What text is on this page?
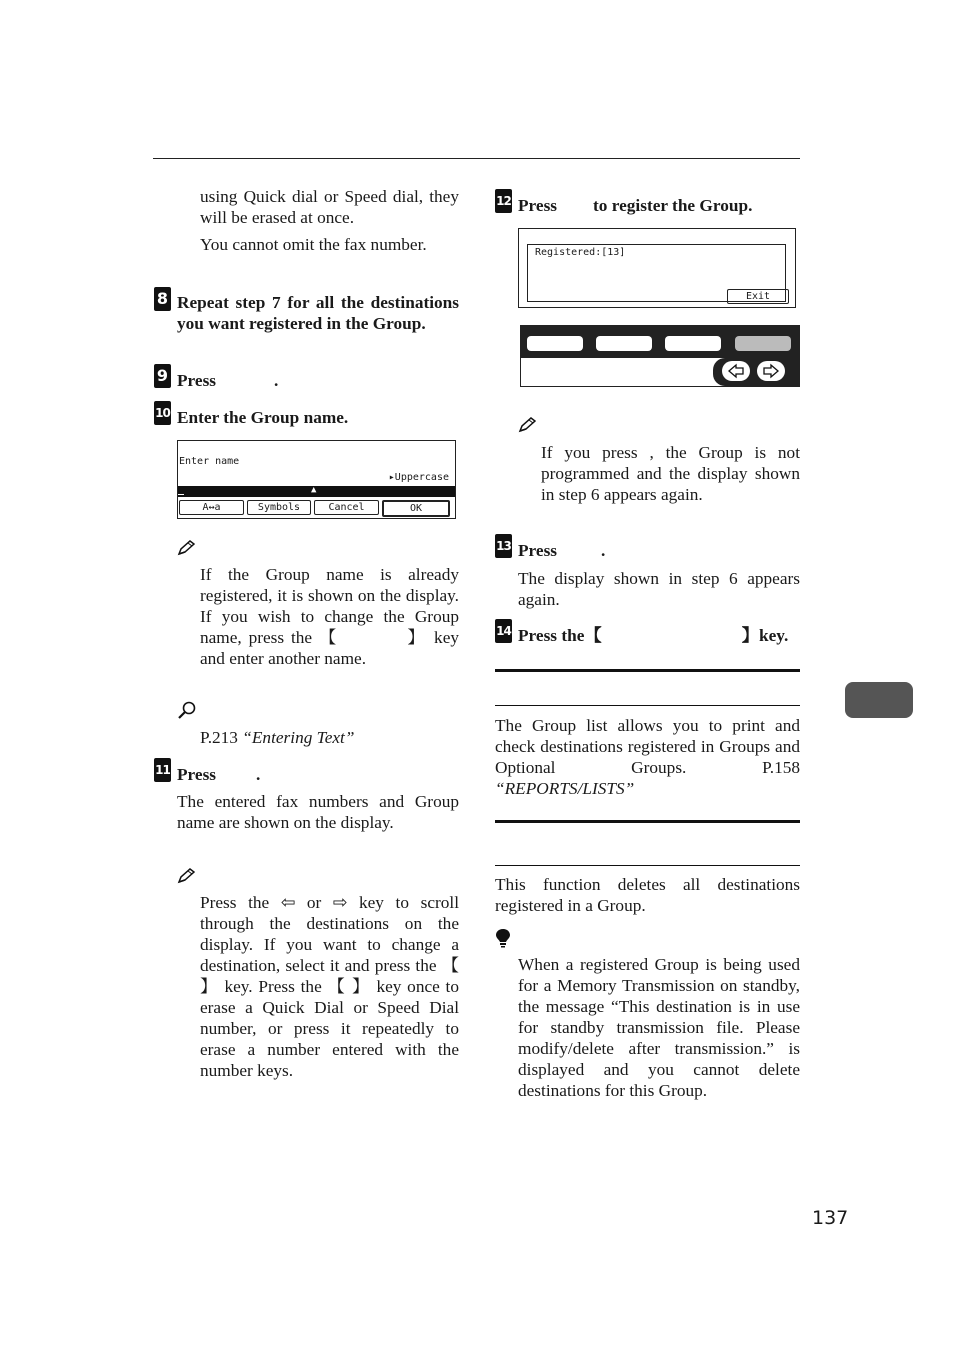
using Quick dial or Speed dial, they will be erased at once.
You cannot omit the fax number.
8 Repeat step 7 for all the destinations you want registered in the Group.
9 Press	.
10 Enter the Group name.
Enter name
▸Uppercase
▲
A↔a	Symbols	Cancel	OK
If the Group name is already registered, it is shown on the display. If you wish to change the Group name, press the 【	】 key and enter another name.
P.213 “Entering Text”
11 Press .
The entered fax numbers and Group name are shown on the display.
Press the ⇦ or ⇨ key to scroll through the destinations on the display. If you want to change a destination, select it and press the 【 】 key. Press the 【 】 key once to erase a Quick Dial or Speed Dial number, or press it repeatedly to erase a number entered with the number keys.
12 Press to register the Group.
Registered:[13]
Exit
If you press , the Group is not programmed and the display shown in step 6 appears again.
13 Press	.
The display shown in step 6 appears again.
14 Press the【	】key.
The Group list allows you to print and check destinations registered in Groups and Optional Groups.	P.158 “REPORTS/LISTS”
This function deletes all destinations registered in a Group.
When a registered Group is being used for a Memory Transmission on standby, the message “This destination is in use for standby transmission file. Please modify/delete after transmission.” is displayed and you cannot delete destinations for this Group.
137
